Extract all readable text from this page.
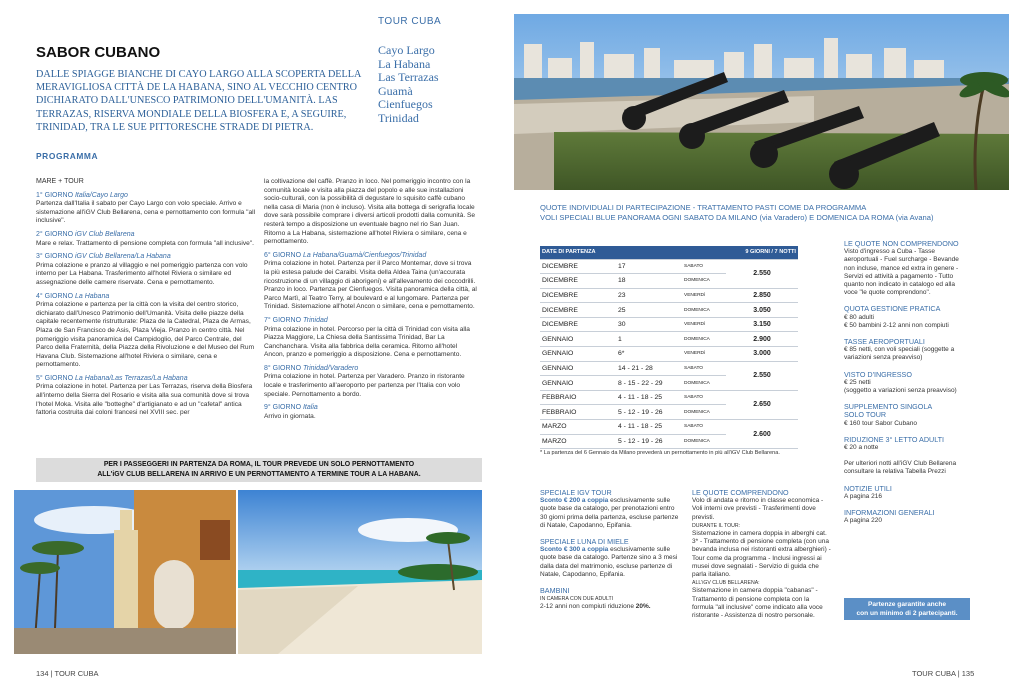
TOUR CUBA
SABOR CUBANO	Cayo Largo
La Habana
Las Terrazas
Guamà
Cienfuegos
Trinidad
DALLE SPIAGGE BIANCHE DI CAYO LARGO ALLA SCOPERTA DELLA MERAVIGLIOSA CITTÀ DE LA HABANA, SINO AL VECCHIO CENTRO DICHIARATO DALL'UNESCO PATRIMONIO DELL'UMANITÀ. LAS TERRAZAS, RISERVA MONDIALE DELLA BIOSFERA E, A SEGUIRE, TRINIDAD, TRA LE SUE PITTORESCHE STRADE DI PIETRA.
PROGRAMMA

MARE + TOUR

1° GIORNO Italia/Cayo Largo
Partenza dall'Italia il sabato per Cayo Largo con volo speciale. Arrivo e sistemazione all'iGV Club Bellarena, cena e pernottamento con formula "all inclusive".

2° GIORNO iGV Club Bellarena
Mare e relax. Trattamento di pensione completa con formula "all inclusive".

3° GIORNO iGV Club Bellarena/La Habana
Prima colazione e pranzo al villaggio e nel pomeriggio partenza con volo interno per La Habana. Trasferimento all'hotel Riviera o similare ed assegnazione delle camere riservate. Cena e pernottamento.

4° GIORNO La Habana
Prima colazione e partenza per la città con la visita del centro storico, dichiarato dall'Unesco Patrimonio dell'Umanità. Visita delle piazze della capitale recentemente ristrutturate: Plaza de la Catedral, Plaza de Armas, Plaza de San Francisco de Asis, Plaza Vieja. Pranzo in centro città. Nel pomeriggio visita panoramica del Campidoglio, del Parco Centrale, del Parco della Fraternità, della Piazza della Rivoluzione e del Museo del Rum Havana Club. Sistemazione all'hotel Riviera o similare, cena e pernottamento.

5° GIORNO La Habana/Las Terrazas/La Habana
Prima colazione in hotel. Partenza per Las Terrazas, riserva della Biosfera all'interno della Sierra del Rosario e visita alla sua comunità dove si trova l'hotel Moka. Visita alle "botteghe" d'artigianato e ad un "cafetal" antica fattoria costruita dai coloni francesi nel XVIII sec. per

la coltivazione del caffè. Pranzo in loco. Nel pomeriggio incontro con la comunità locale e visita alla piazza del popolo e alle sue installazioni socio-culturali, con la possibilità di degustare lo squisito caffè cubano nella casa di Maria (non è incluso). Visita alla bottega di serigrafia locale dove sarà possibile comprare i diversi articoli prodotti dalla comunità. Se resterà tempo a disposizione un eventuale bagno nel rio San Juan. Ritorno a La Habana, sistemazione all'hotel Riviera o similare, cena e pernottamento.

6° GIORNO La Habana/Guamà/Cienfuegos/Trinidad
Prima colazione in hotel. Partenza per il Parco Montemar, dove si trova la più estesa palude dei Caraibi. Visita della Aldea Taina (un'accurata ricostruzione di un villaggio di aborigeni) e all'allevamento dei coccodrilli. Pranzo in loco. Partenza per Cienfuegos. Visita panoramica della città, al Parco Martì, al Teatro Terry, al boulevard e al lungomare. Partenza per Trinidad. Sistemazione all'hotel Ancon o similare, cena e pernottamento.

7° GIORNO Trinidad
Prima colazione in hotel. Percorso per la città di Trinidad con visita alla Piazza Maggiore, La Chiesa della Santissima Trinidad, Bar La Canchanchara. Visita alla fabbrica della ceramica. Ritorno all'hotel Ancon, pranzo e pomeriggio a disposizione. Cena e pernottamento.

8° GIORNO Trinidad/Varadero
Prima colazione in hotel. Partenza per Varadero. Pranzo in ristorante locale e trasferimento all'aeroporto per partenza per l'Italia con volo speciale. Pernottamento a bordo.

9° GIORNO Italia
Arrivo in giornata.

PER I PASSEGGERI IN PARTENZA DA ROMA, IL TOUR PREVEDE UN SOLO PERNOTTAMENTO
ALL'iGV CLUB BELLARENA IN ARRIVO E UN PERNOTTAMENTO A TERMINE TOUR A LA HABANA.
134 | TOUR CUBA	TOUR CUBA | 135
QUOTE INDIVIDUALI DI PARTECIPAZIONE - TRATTAMENTO PASTI COME DA PROGRAMMA
VOLI SPECIALI BLUE PANORAMA OGNI SABATO DA MILANO (via Varadero) E DOMENICA DA ROMA (via Avana)
DATE DI PARTENZA			9 GIORNI / 7 NOTTI
DICEMBRE	17	SABATO	2.550
DICEMBRE	18	DOMENICA	
DICEMBRE	23	VENERDì	2.850
DICEMBRE	25	DOMENICA	3.050
DICEMBRE	30	VENERDì	3.150
GENNAIO	1	DOMENICA	2.900
GENNAIO	6*	VENERDì	3.000
GENNAIO	14 - 21 - 28	SABATO	2.550
GENNAIO	8 - 15 - 22 - 29	DOMENICA	
FEBBRAIO	4 - 11 - 18 - 25	SABATO	2.650
FEBBRAIO	5 - 12 - 19 - 26	DOMENICA	
MARZO	4 - 11 - 18 - 25	SABATO	2.600
MARZO	5 - 12 - 19 - 26	DOMENICA	
* La partenza del 6 Gennaio da Milano prevederà un pernottamento in più all'iGV Club Bellarena.
LE QUOTE NON COMPRENDONO
Visto d'ingresso a Cuba - Tasse aeroportuali - Fuel surcharge - Bevande non incluse, mance ed extra in genere - Servizi ed attività a pagamento - Tutto quanto non indicato in catalogo ed alla voce "le quote comprendono".
QUOTA GESTIONE PRATICA
€ 80 adulti
€ 50 bambini 2-12 anni non compiuti
TASSE AEROPORTUALI
€ 85 netti, con voli speciali (soggette a variazioni senza preavviso)
VISTO D'INGRESSO
€ 25 netti
(soggetto a variazioni senza preavviso)
SUPPLEMENTO SINGOLA
SOLO TOUR
€ 160 tour Sabor Cubano
RIDUZIONE 3° LETTO ADULTI
€ 20 a notte
Per ulteriori notti all'iGV Club Bellarena consultare la relativa Tabella Prezzi
NOTIZIE UTILI
A pagina 216
INFORMAZIONI GENERALI
A pagina 220
SPECIALE IGV TOUR
Sconto € 200 a coppia esclusivamente sulle quote base da catalogo, per prenotazioni entro 30 giorni prima della partenza, escluse partenze di Natale, Capodanno, Epifania.
SPECIALE LUNA DI MIELE
Sconto € 300 a coppia esclusivamente sulle quote base da catalogo. Partenze sino a 3 mesi dalla data del matrimonio, escluse partenze di Natale, Capodanno, Epifania.
BAMBINI
IN CAMERA CON DUE ADULTI
2-12 anni non compiuti riduzione 20%.
LE QUOTE COMPRENDONO
Volo di andata e ritorno in classe economica - Voli interni ove previsti - Trasferimenti dove previsti.
DURANTE IL TOUR:
Sistemazione in camera doppia in alberghi cat. 3* - Trattamento di pensione completa (con una bevanda inclusa nei ristoranti extra alberghieri) - Tour come da programma - Inclusi ingressi ai musei dove segnalati - Servizio di guida che parla italiano.
ALL'iGV CLUB BELLARENA:
Sistemazione in camera doppia "cabanas" - Trattamento di pensione completa con la formula "all inclusive" come indicato alla voce ristorante - Assistenza di nostro personale.
Partenze garantite anche
con un minimo di 2 partecipanti.
